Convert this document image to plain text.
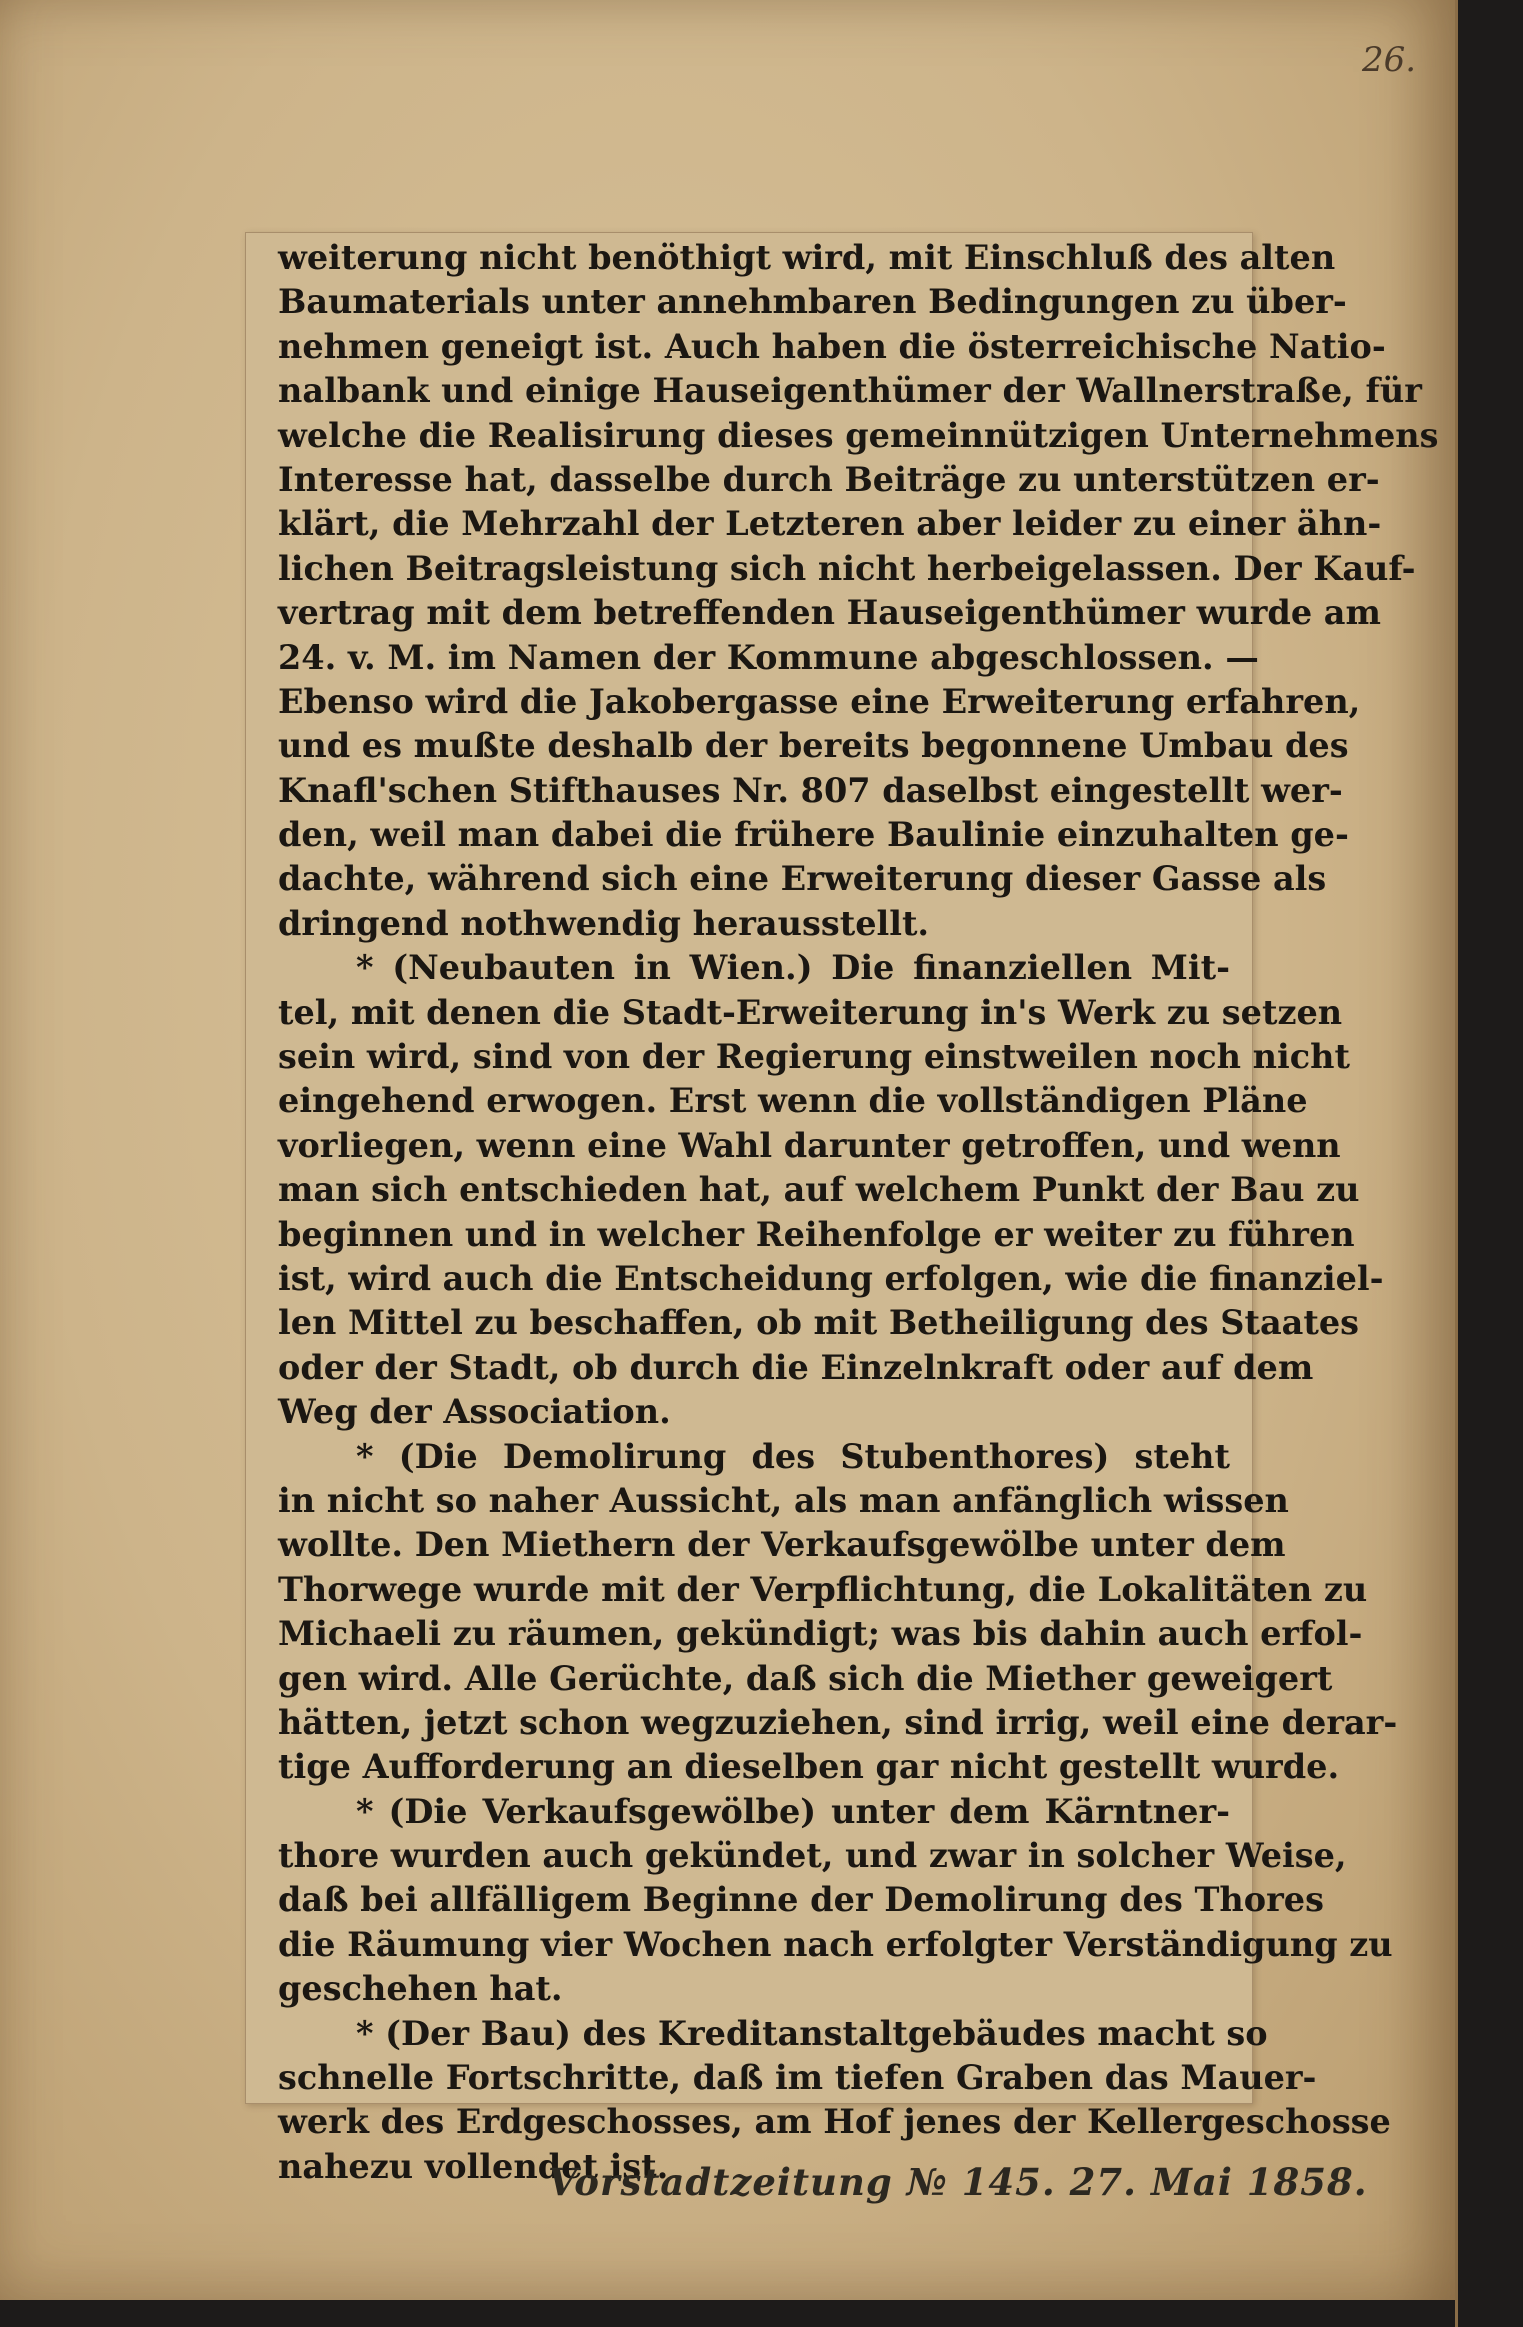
26.
weiterung nicht benöthigt wird, mit Einschluß des alten
Baumaterials unter annehmbaren Bedingungen zu über-
nehmen geneigt ist. Auch haben die österreichische Natio-
nalbank und einige Hauseigenthümer der Wallnerstraße, für
welche die Realisirung dieses gemeinnützigen Unternehmens
Interesse hat, dasselbe durch Beiträge zu unterstützen er-
klärt, die Mehrzahl der Letzteren aber leider zu einer ähn-
lichen Beitragsleistung sich nicht herbeigelassen. Der Kauf-
vertrag mit dem betreffenden Hauseigenthümer wurde am
24. v. M. im Namen der Kommune abgeschlossen. —
Ebenso wird die Jakobergasse eine Erweiterung erfahren,
und es mußte deshalb der bereits begonnene Umbau des
Knafl'schen Stifthauses Nr. 807 daselbst eingestellt wer-
den, weil man dabei die frühere Baulinie einzuhalten ge-
dachte, während sich eine Erweiterung dieser Gasse als
dringend nothwendig herausstellt.
* (Neubauten in Wien.) Die finanziellen Mit-
tel, mit denen die Stadt-Erweiterung in's Werk zu setzen
sein wird, sind von der Regierung einstweilen noch nicht
eingehend erwogen. Erst wenn die vollständigen Pläne
vorliegen, wenn eine Wahl darunter getroffen, und wenn
man sich entschieden hat, auf welchem Punkt der Bau zu
beginnen und in welcher Reihenfolge er weiter zu führen
ist, wird auch die Entscheidung erfolgen, wie die finanziel-
len Mittel zu beschaffen, ob mit Betheiligung des Staates
oder der Stadt, ob durch die Einzelnkraft oder auf dem
Weg der Association.
* (Die Demolirung des Stubenthores) steht
in nicht so naher Aussicht, als man anfänglich wissen
wollte. Den Miethern der Verkaufsgewölbe unter dem
Thorwege wurde mit der Verpflichtung, die Lokalitäten zu
Michaeli zu räumen, gekündigt; was bis dahin auch erfol-
gen wird. Alle Gerüchte, daß sich die Miether geweigert
hätten, jetzt schon wegzuziehen, sind irrig, weil eine derar-
tige Aufforderung an dieselben gar nicht gestellt wurde.
* (Die Verkaufsgewölbe) unter dem Kärntner-
thore wurden auch gekündet, und zwar in solcher Weise,
daß bei allfälligem Beginne der Demolirung des Thores
die Räumung vier Wochen nach erfolgter Verständigung zu
geschehen hat.
* (Der Bau) des Kreditanstaltgebäudes macht so
schnelle Fortschritte, daß im tiefen Graben das Mauer-
werk des Erdgeschosses, am Hof jenes der Kellergeschosse
nahezu vollendet ist.
Vorstadtzeitung № 145. 27. Mai 1858.
